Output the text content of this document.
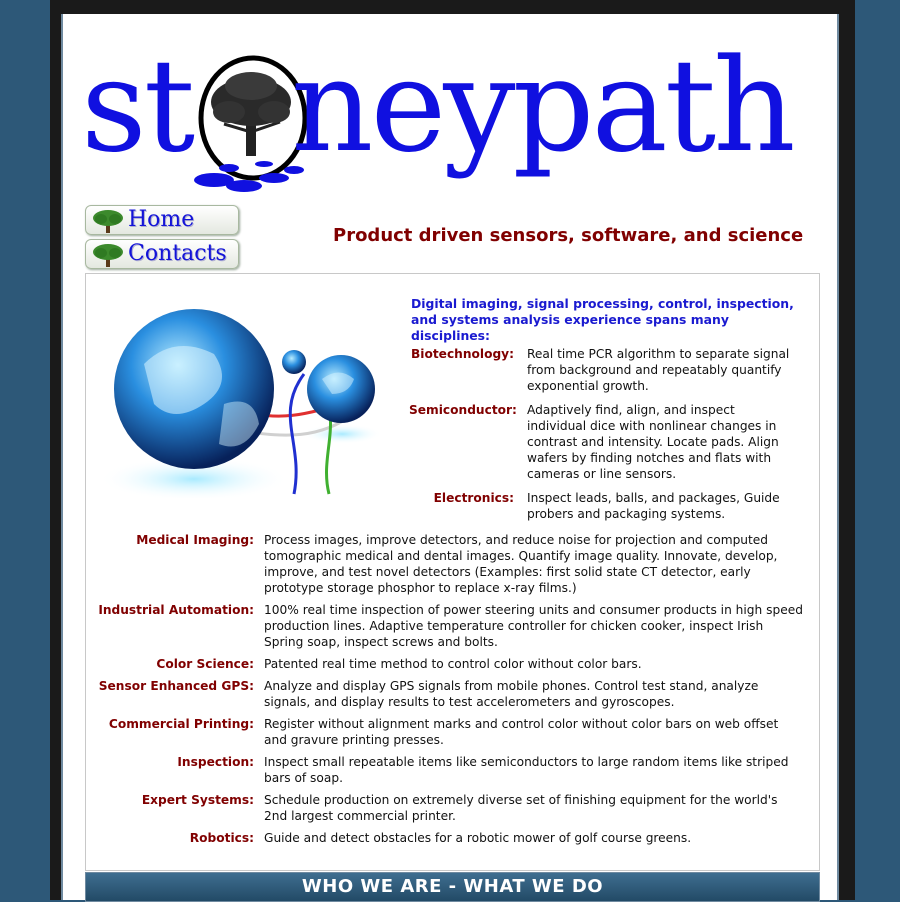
st neypath
Home
Contacts
Product driven sensors, software, and science
Digital imaging, signal processing, control, inspection, and systems analysis experience spans many disciplines:
Biotechnology: Real time PCR algorithm to separate signal from background and repeatably quantify exponential growth.
Semiconductor: Adaptively find, align, and inspect individual dice with nonlinear changes in contrast and intensity. Locate pads. Align wafers by finding notches and flats with cameras or line sensors.
Electronics: Inspect leads, balls, and packages, Guide probers and packaging systems.
Medical Imaging: Process images, improve detectors, and reduce noise for projection and computed tomographic medical and dental images. Quantify image quality. Innovate, develop, improve, and test novel detectors (Examples: first solid state CT detector, early prototype storage phosphor to replace x-ray films.)
Industrial Automation: 100% real time inspection of power steering units and consumer products in high speed production lines. Adaptive temperature controller for chicken cooker, inspect Irish Spring soap, inspect screws and bolts.
Color Science: Patented real time method to control color without color bars.
Sensor Enhanced GPS: Analyze and display GPS signals from mobile phones. Control test stand, analyze signals, and display results to test accelerometers and gyroscopes.
Commercial Printing: Register without alignment marks and control color without color bars on web offset and gravure printing presses.
Inspection: Inspect small repeatable items like semiconductors to large random items like striped bars of soap.
Expert Systems: Schedule production on extremely diverse set of finishing equipment for the world's 2nd largest commercial printer.
Robotics: Guide and detect obstacles for a robotic mower of golf course greens.
WHO WE ARE - WHAT WE DO
